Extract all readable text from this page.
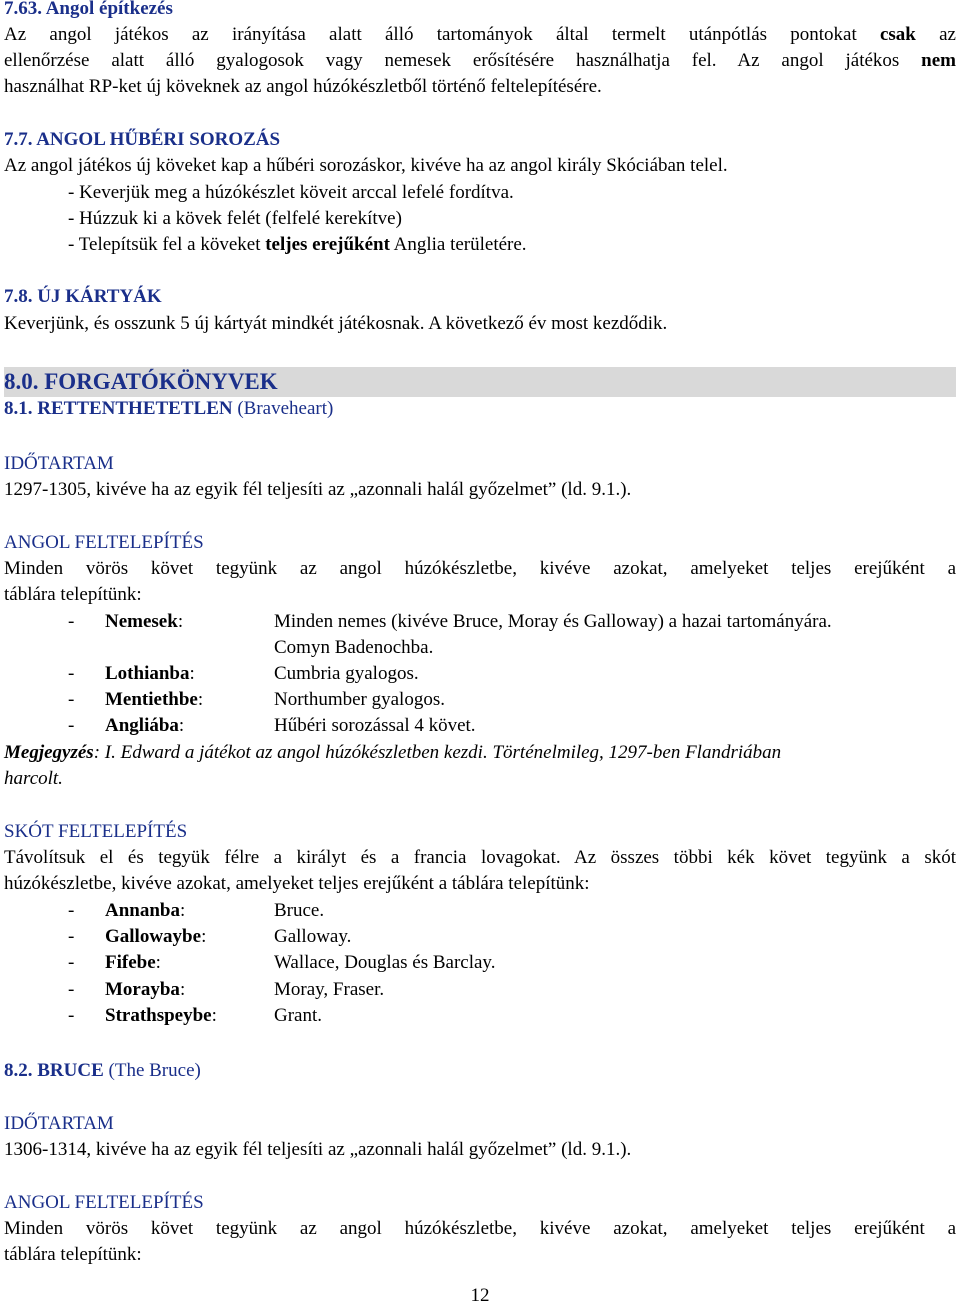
7.63. Angol építkezés
Az angol játékos az irányítása alatt álló tartományok által termelt utánpótlás pontokat csak az
ellenőrzése alatt álló gyalogosok vagy nemesek erősítésére használhatja fel. Az angol játékos nem
használhat RP-ket új köveknek az angol húzókészletből történő feltelepítésére.
7.7. ANGOL HŰBÉRI SOROZÁS
Az angol játékos új köveket kap a hűbéri sorozáskor, kivéve ha az angol király Skóciában telel.
- Keverjük meg a húzókészlet köveit arccal lefelé fordítva.
- Húzzuk ki a kövek felét (felfelé kerekítve)
- Telepítsük fel a köveket teljes erejűként Anglia területére.
7.8. ÚJ KÁRTYÁK
Keverjünk, és osszunk 5 új kártyát mindkét játékosnak. A következő év most kezdődik.
8.0. FORGATÓKÖNYVEK
8.1. RETTENTHETETLEN (Braveheart)
IDŐTARTAM
1297-1305, kivéve ha az egyik fél teljesíti az „azonnali halál győzelmet” (ld. 9.1.).
ANGOL FELTELEPÍTÉS
Minden vörös követ tegyünk az angol húzókészletbe, kivéve azokat, amelyeket teljes erejűként a
táblára telepítünk:
- Nemesek:	Minden nemes (kivéve Bruce, Moray és Galloway) a hazai tartományára.
Comyn Badenochba.
- Lothianba:	Cumbria gyalogos.
- Mentiethbe:	Northumber gyalogos.
- Angliába:	Hűbéri sorozással 4 követ.
Megjegyzés: I. Edward a játékot az angol húzókészletben kezdi. Történelmileg, 1297-ben Flandriában
harcolt.
SKÓT FELTELEPÍTÉS
Távolítsuk el és tegyük félre a királyt és a francia lovagokat. Az összes többi kék követ tegyünk a skót
húzókészletbe, kivéve azokat, amelyeket teljes erejűként a táblára telepítünk:
- Annanba:	Bruce.
- Gallowaybe:	Galloway.
- Fifebe:	Wallace, Douglas és Barclay.
- Morayba:	Moray, Fraser.
- Strathspeybe:	Grant.
8.2. BRUCE (The Bruce)
IDŐTARTAM
1306-1314, kivéve ha az egyik fél teljesíti az „azonnali halál győzelmet” (ld. 9.1.).
ANGOL FELTELEPÍTÉS
Minden vörös követ tegyünk az angol húzókészletbe, kivéve azokat, amelyeket teljes erejűként a
táblára telepítünk:
12
